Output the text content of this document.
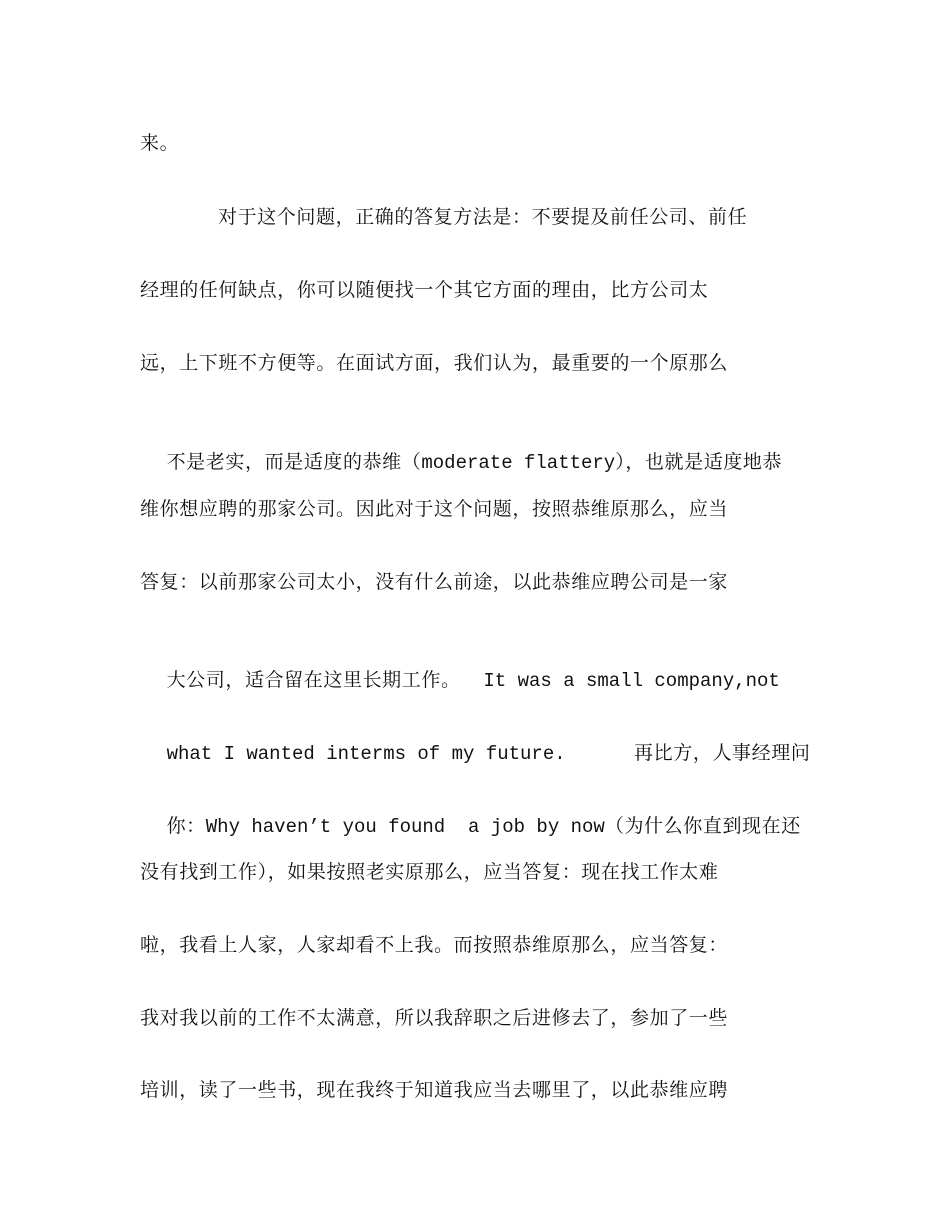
来。
对于这个问题，正确的答复方法是：不要提及前任公司、前任
经理的任何缺点，你可以随便找一个其它方面的理由，比方公司太
远，上下班不方便等。在面试方面，我们认为，最重要的一个原那么

不是老实，而是适度的恭维（moderate flattery），也就是适度地恭

维你想应聘的那家公司。因此对于这个问题，按照恭维原那么，应当
答复：以前那家公司太小，没有什么前途，以此恭维应聘公司是一家

大公司，适合留在这里长期工作。  It was a small company,not

what I wanted interms of my future.      再比方，人事经理问

你：Why haven’t you found  a job by now（为什么你直到现在还

没有找到工作），如果按照老实原那么，应当答复：现在找工作太难
啦，我看上人家，人家却看不上我。而按照恭维原那么，应当答复：
我对我以前的工作不太满意，所以我辞职之后进修去了，参加了一些
培训，读了一些书，现在我终于知道我应当去哪里了，以此恭维应聘
